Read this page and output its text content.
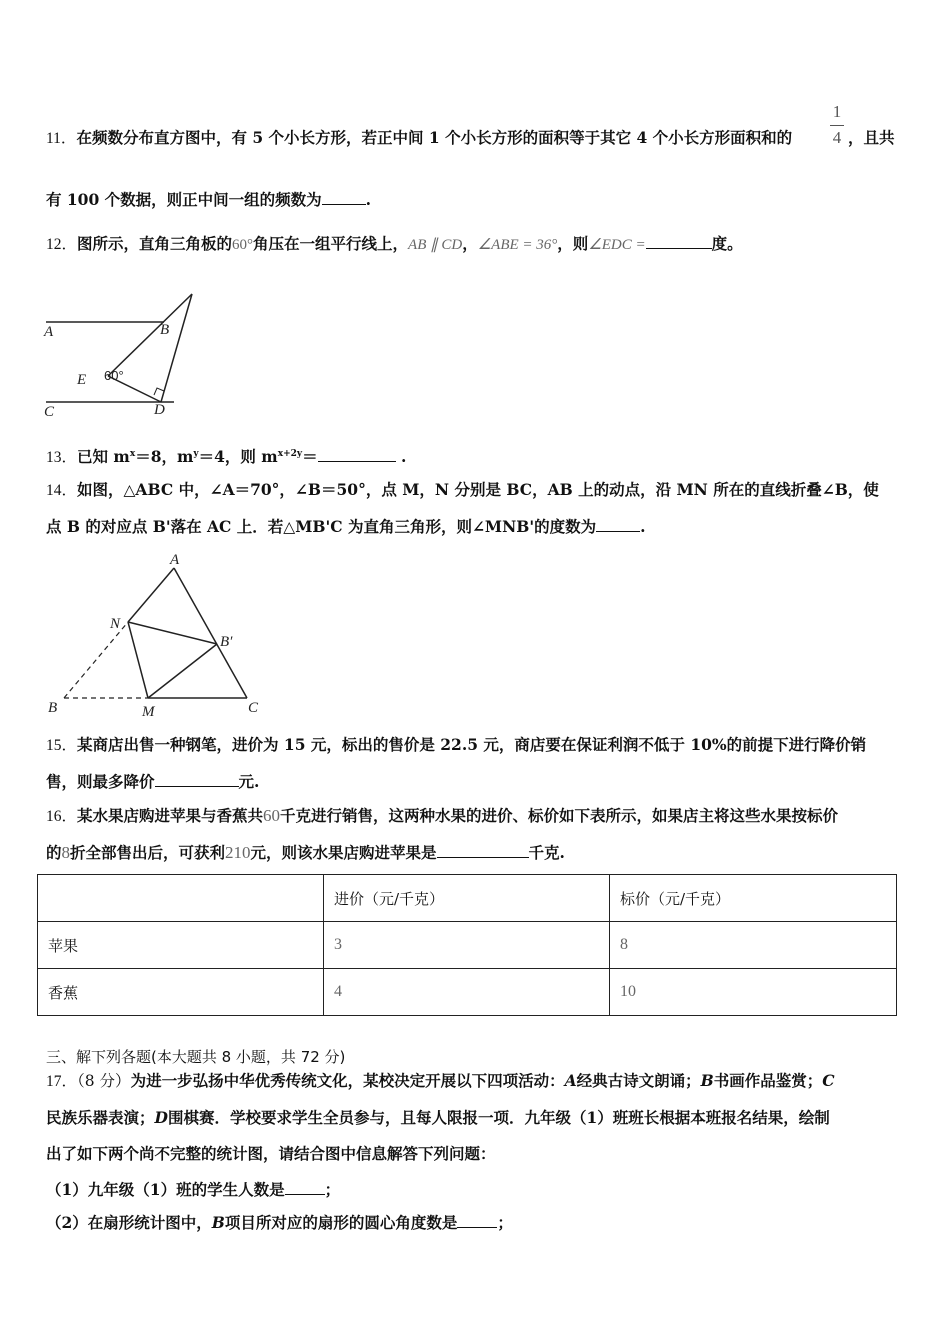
1
4
11．在频数分布直方图中，有 5 个小长方形，若正中间 1 个小长方形的面积等于其它 4 个小长方形面积和的	，且共
有 100 个数据，则正中间一组的频数为	.
12．图所示，直角三角板的60°角压在一组平行线上，AB ∥ CD，∠ABE = 36°，则∠EDC =	度。
A	B
E 60°
C	D
13．已知 $m^x=8$，$m^y=4$，则 $m^{x+2y}=$	.
14．如图，△ABC 中，∠A＝70°，∠B＝50°，点 M，N 分别是 BC，AB 上的动点，沿 MN 所在的直线折叠∠B，使
点 B 的对应点 B'落在 AC 上．若△MB'C 为直角三角形，则∠MNB'的度数为	.
A
N
B′
B	M	C
15．某商店出售一种钢笔，进价为 15 元，标出的售价是 22.5 元，商店要在保证利润不低于 10%的前提下进行降价销
售，则最多降价	元.
16．某水果店购进苹果与香蕉共60千克进行销售，这两种水果的进价、标价如下表所示，如果店主将这些水果按标价
的8折全部售出后，可获利210元，则该水果店购进苹果是	千克.
	进价（元/千克）	标价（元/千克）
苹果	3	8
香蕉	4	10
三、解下列各题(本大题共 8 小题，共 72 分)
17．（8 分）为进一步弘扬中华优秀传统文化，某校决定开展以下四项活动：A经典古诗文朗诵；B书画作品鉴赏；C
民族乐器表演；D围棋赛．学校要求学生全员参与，且每人限报一项．九年级（1）班班长根据本班报名结果，绘制
出了如下两个尚不完整的统计图，请结合图中信息解答下列问题：
（1）九年级（1）班的学生人数是	；
（2）在扇形统计图中，B项目所对应的扇形的圆心角度数是	；
